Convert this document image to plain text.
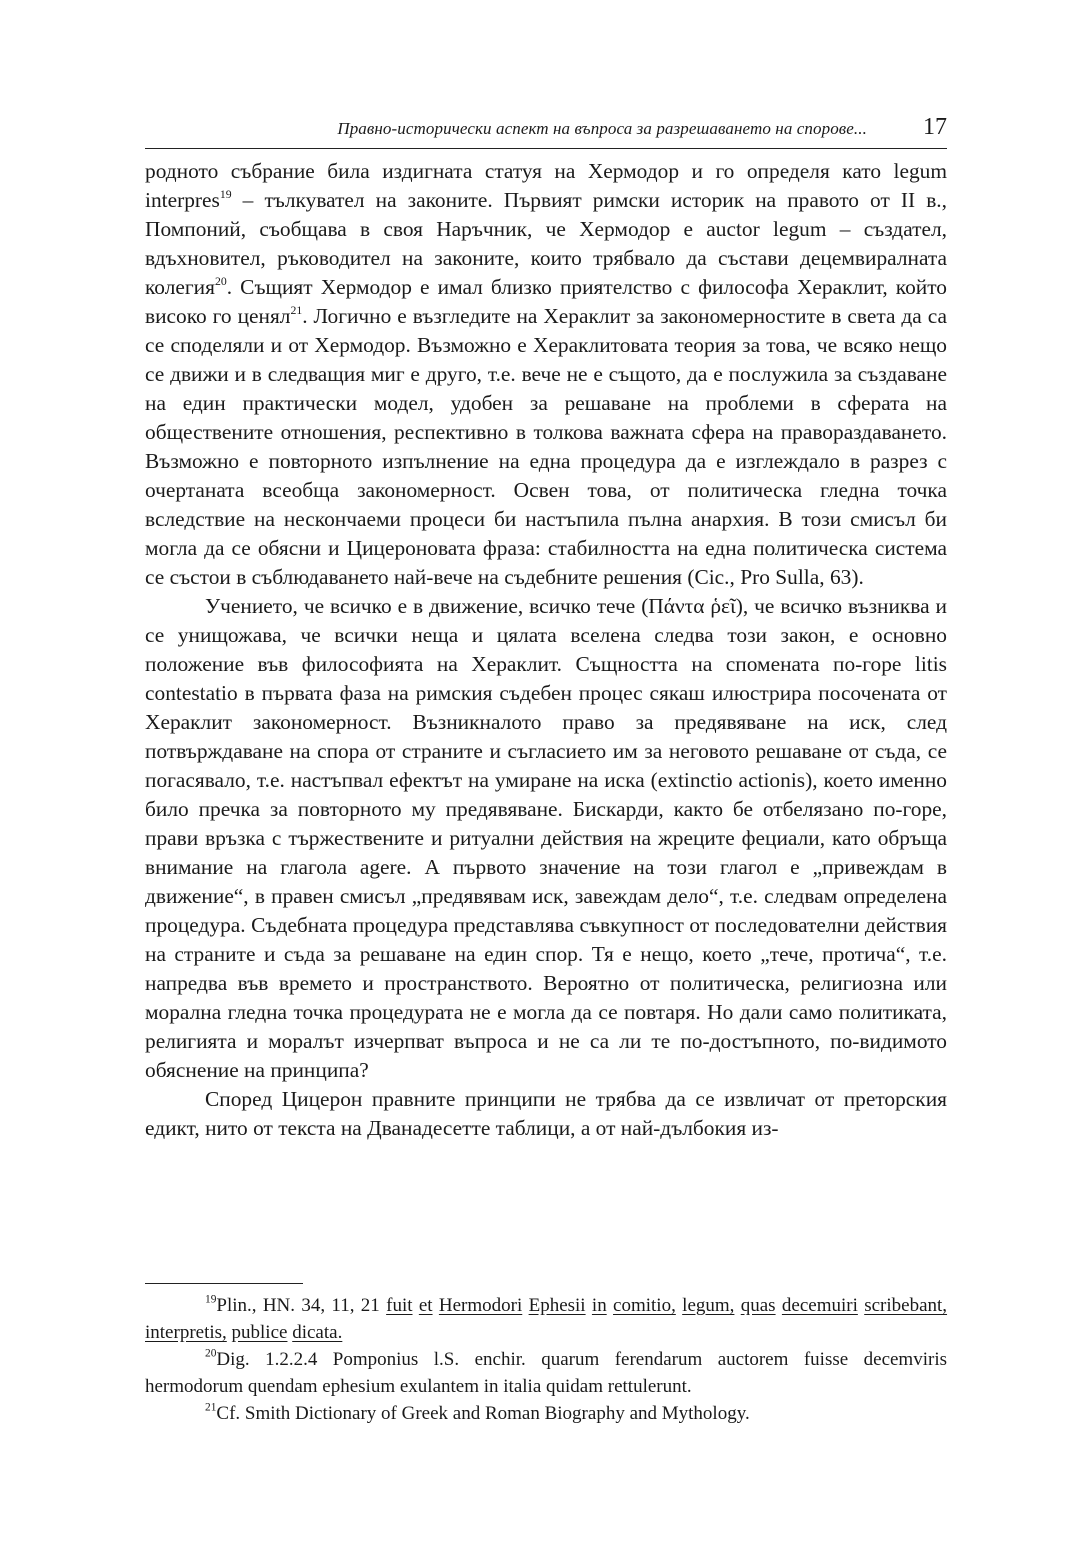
Правно-исторически аспект на въпроса за разрешаването на спорове... 17

родното събрание била издигната статуя на Хермодор и го определя като legum interpres$^{19}$ – тълкувател на законите. Първият римски историк на правото от II в., Помпоний, съобщава в своя Наръчник, че Хермодор е auctor legum – създател, вдъхновител, ръководител на законите, които трябвало да състави децемвиралната колегия$^{20}$. Същият Хермодор е имал близко приятелство с философа Хераклит, който високо го ценял$^{21}$. Логично е възгледите на Хераклит за закономерностите в света да са се споделяли и от Хермодор. Възможно е Хераклитовата теория за това, че всяко нещо се движи и в следващия миг е друго, т.е. вече не е същото, да е послужила за създаване на един практически модел, удобен за решаване на проблеми в сферата на обществените отношения, респективно в толкова важната сфера на правораздаването. Възможно е повторното изпълнение на една процедура да е изглеждало в разрез с очертаната всеобща закономерност. Освен това, от политическа гледна точка вследствие на нескончаеми процеси би настъпила пълна анархия. В този смисъл би могла да се обясни и Цицероновата фраза: стабилността на една политическа система се състои в съблюдаването най-вече на съдебните решения (Cic., Pro Sulla, 63).

Учението, че всичко е в движение, всичко тече (Πάντα ῥεῖ), че всичко възниква и се унищожава, че всички неща и цялата вселена следва този закон, е основно положение във философията на Хераклит. Същността на спомената по-горе litis contestatio в първата фаза на римския съдебен процес сякаш илюстрира посочената от Хераклит закономерност. Възникналото право за предявяване на иск, след потвърждаване на спора от страните и съгласието им за неговото решаване от съда, се погасявало, т.е. настъпвал ефектът на умиране на иска (extinctio actionis), което именно било пречка за повторното му предявяване. Бискарди, както бе отбелязано по-горе, прави връзка с тържествените и ритуални действия на жреците фециали, като обръща внимание на глагола agere. А първото значение на този глагол е „привеждам в движение“, в правен смисъл „предявявам иск, завеждам дело“, т.е. следвам определена процедура. Съдебната процедура представлява съвкупност от последователни действия на страните и съда за решаване на един спор. Тя е нещо, което „тече, протича“, т.е. напредва във времето и пространството. Вероятно от политическа, религиозна или морална гледна точка процедурата не е могла да се повтаря. Но дали само политиката, религията и моралът изчерпват въпроса и не са ли те по-достъпното, по-видимото обяснение на принципа?

Според Цицерон правните принципи не трябва да се извличат от преторския едикт, нито от текста на Дванадесетте таблици, а от най-дълбокия из-

$^{19}$Plin., HN. 34, 11, 21 fuit et Hermodori Ephesii in comitio, legum, quas decemuiri scribebant, interpretis, publice dicata.

$^{20}$Dig. 1.2.2.4 Pomponius l.S. enchir. quarum ferendarum auctorem fuisse decemviris hermodorum quendam ephesium exulantem in italia quidam rettulerunt.

$^{21}$Cf. Smith Dictionary of Greek and Roman Biography and Mythology.
